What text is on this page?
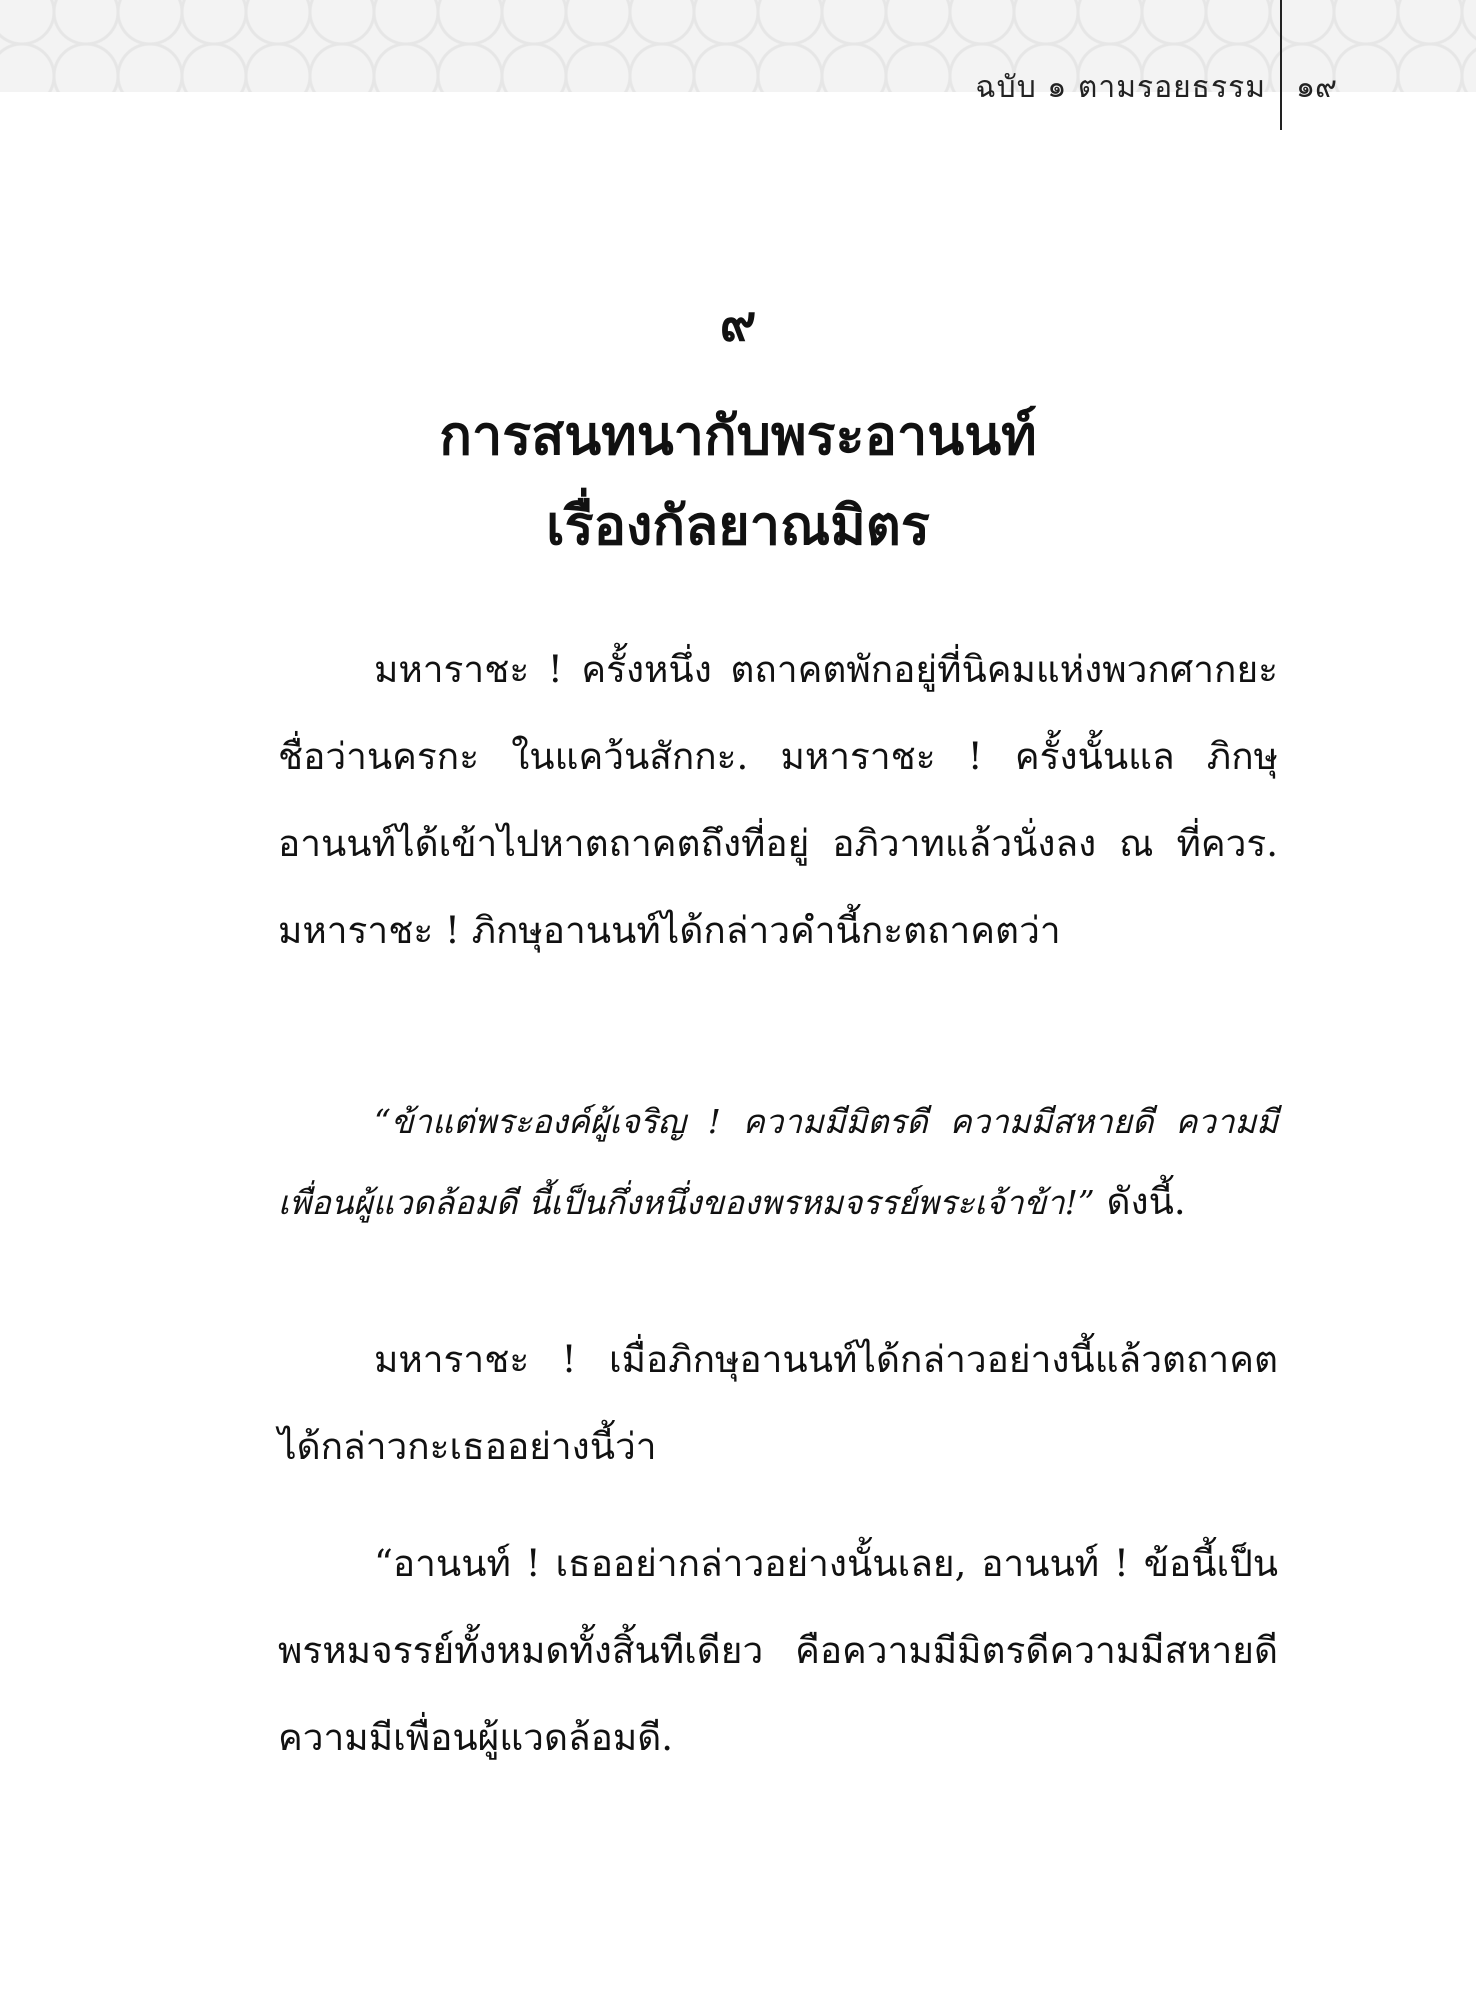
ฉบับ ๑ ตามรอยธรรม ๑๙
๙
การสนทนากับพระอานนท์
เรื่องกัลยาณมิตร

มหาราชะ ! ครั้งหนึ่ง ตถาคตพักอยู่ที่นิคมแห่งพวกศากยะ ชื่อว่านครกะ ในแคว้นสักกะ. มหาราชะ ! ครั้งนั้นแล ภิกษุอานนท์ได้เข้าไปหาตถาคตถึงที่อยู่ อภิวาทแล้วนั่งลง ณ ที่ควร. มหาราชะ ! ภิกษุอานนท์ได้กล่าวคำนี้กะตถาคตว่า

“ข้าแต่พระองค์ผู้เจริญ ! ความมีมิตรดี ความมีสหายดี ความมีเพื่อนผู้แวดล้อมดี นี้เป็นกึ่งหนึ่งของพรหมจรรย์พระเจ้าข้า!” ดังนี้.

มหาราชะ ! เมื่อภิกษุอานนท์ได้กล่าวอย่างนี้แล้วตถาคตได้กล่าวกะเธออย่างนี้ว่า

“อานนท์ ! เธออย่ากล่าวอย่างนั้นเลย, อานนท์ ! ข้อนี้เป็นพรหมจรรย์ทั้งหมดทั้งสิ้นทีเดียว คือความมีมิตรดีความมีสหายดี ความมีเพื่อนผู้แวดล้อมดี.
